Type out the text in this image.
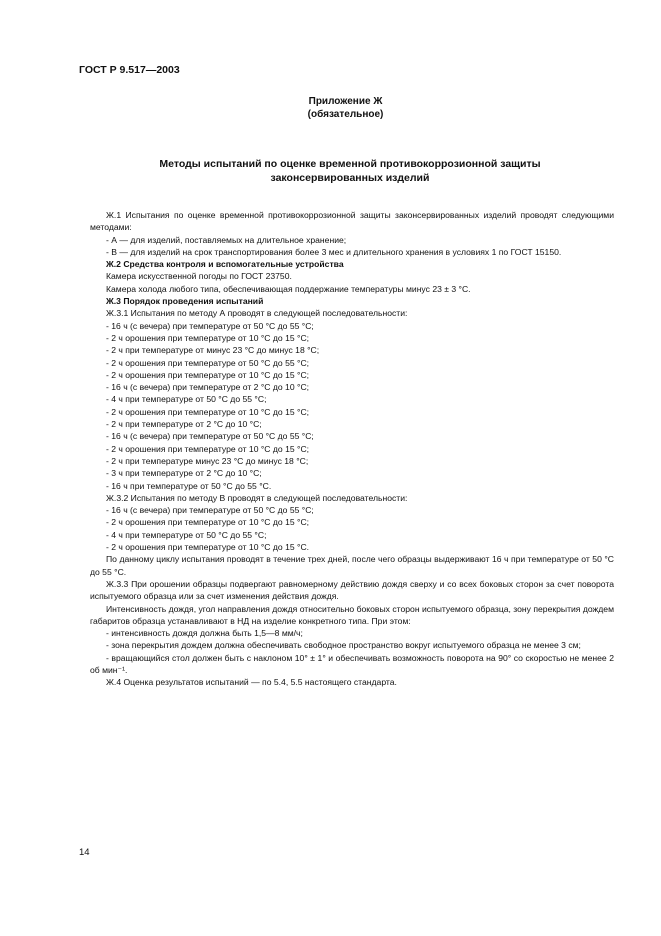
ГОСТ Р 9.517—2003
Приложение Ж
(обязательное)
Методы испытаний по оценке временной противокоррозионной защиты
законсервированных изделий

Ж.1 Испытания по оценке временной противокоррозионной защиты законсервированных изделий проводят следующими методами:

- А — для изделий, поставляемых на длительное хранение;

- В — для изделий на срок транспортирования более 3 мес и длительного хранения в условиях 1 по ГОСТ 15150.

Ж.2 Средства контроля и вспомогательные устройства

Камера искусственной погоды по ГОСТ 23750.

Камера холода любого типа, обеспечивающая поддержание температуры минус 23 ± 3 °С.

Ж.3 Порядок проведения испытаний

Ж.3.1 Испытания по методу А проводят в следующей последовательности:

- 16 ч (с вечера) при температуре от 50 °С до 55 °С;

- 2 ч орошения при температуре от 10 °С до 15 °С;

- 2 ч при температуре от минус 23 °С до минус 18 °С;

- 2 ч орошения при температуре от 50 °С до 55 °С;

- 2 ч орошения при температуре от 10 °С до 15 °С;

- 16 ч (с вечера) при температуре от 2 °С до 10 °С;

- 4 ч при температуре от 50 °С до 55 °С;

- 2 ч орошения при температуре от 10 °С до 15 °С;

- 2 ч при температуре от 2 °С до 10 °С;

- 16 ч (с вечера) при температуре от 50 °С до 55 °С;

- 2 ч орошения при температуре от 10 °С до 15 °С;

- 2 ч при температуре минус 23 °С до минус 18 °С;

- 3 ч при температуре от 2 °С до 10 °С;

- 16 ч при температуре от 50 °С до 55 °С.

Ж.3.2 Испытания по методу В проводят в следующей последовательности:

- 16 ч (с вечера) при температуре от 50 °С до 55 °С;

- 2 ч орошения при температуре от 10 °С до 15 °С;

- 4 ч при температуре от 50 °С до 55 °С;

- 2 ч орошения при температуре от 10 °С до 15 °С.

По данному циклу испытания проводят в течение трех дней, после чего образцы выдерживают 16 ч при температуре от 50 °С до 55 °С.

Ж.3.3 При орошении образцы подвергают равномерному действию дождя сверху и со всех боковых сторон за счет поворота испытуемого образца или за счет изменения действия дождя.

Интенсивность дождя, угол направления дождя относительно боковых сторон испытуемого образца, зону перекрытия дождем габаритов образца устанавливают в НД на изделие конкретного типа. При этом:

- интенсивность дождя должна быть 1,5—8 мм/ч;

- зона перекрытия дождем должна обеспечивать свободное пространство вокруг испытуемого образца не менее 3 см;

- вращающийся стол должен быть с наклоном 10° ± 1° и обеспечивать возможность поворота на 90° со скоростью не менее 2 об мин⁻¹.

Ж.4 Оценка результатов испытаний — по 5.4, 5.5 настоящего стандарта.

14
